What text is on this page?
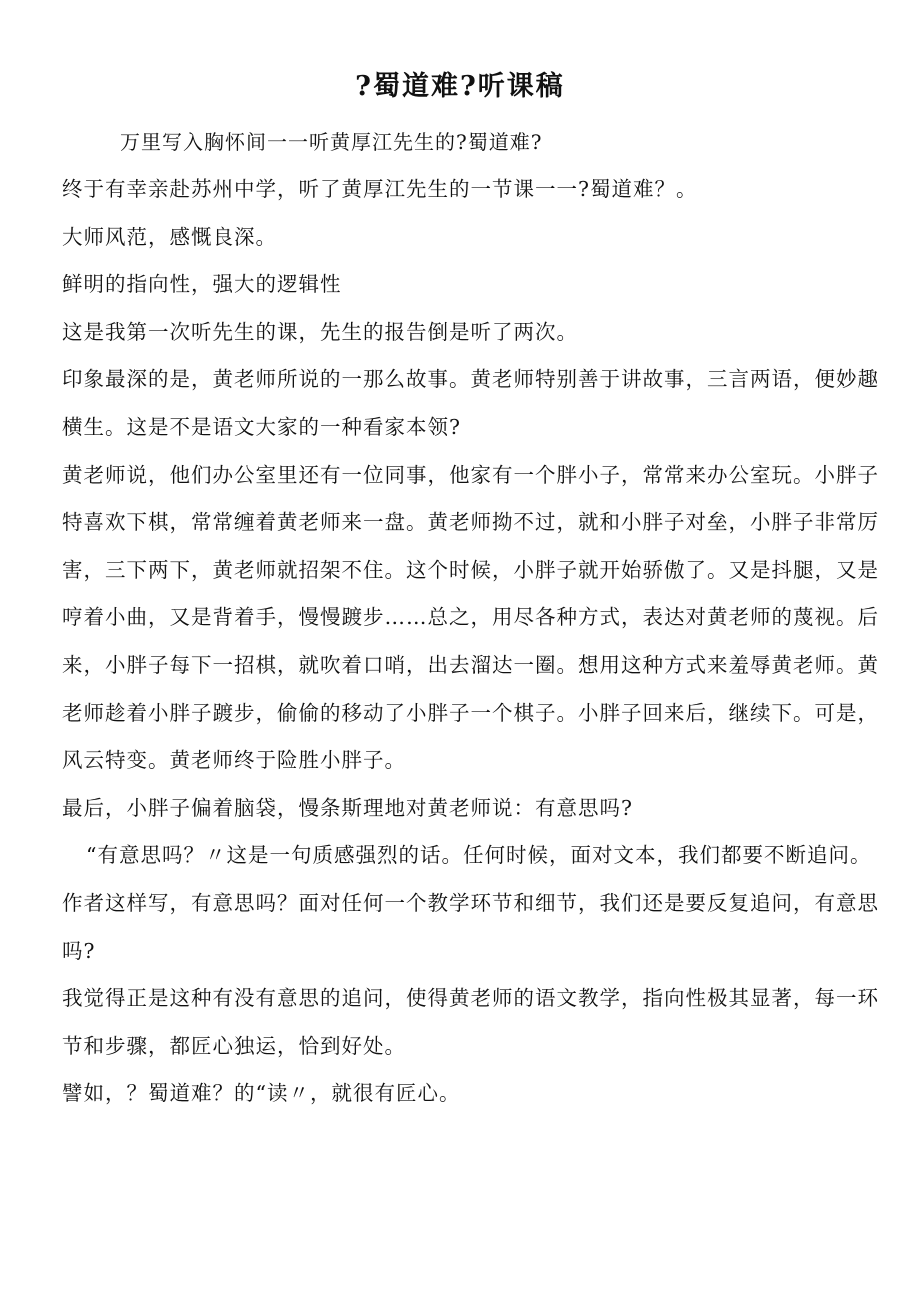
?蜀道难?听课稿

万里写入胸怀间一一听黄厚江先生的?蜀道难?

终于有幸亲赴苏州中学，听了黄厚江先生的一节课一一?蜀道难？。

大师风范，感慨良深。

鲜明的指向性，强大的逻辑性

这是我第一次听先生的课，先生的报告倒是听了两次。

印象最深的是，黄老师所说的一那么故事。黄老师特别善于讲故事，三言两语，便妙趣横生。这是不是语文大家的一种看家本领?

黄老师说，他们办公室里还有一位同事，他家有一个胖小子，常常来办公室玩。小胖子特喜欢下棋，常常缠着黄老师来一盘。黄老师拗不过，就和小胖子对垒，小胖子非常厉害，三下两下，黄老师就招架不住。这个时候，小胖子就开始骄傲了。又是抖腿，又是哼着小曲，又是背着手，慢慢踱步……总之，用尽各种方式，表达对黄老师的蔑视。后来，小胖子每下一招棋，就吹着口哨，出去溜达一圈。想用这种方式来羞辱黄老师。黄老师趁着小胖子踱步，偷偷的移动了小胖子一个棋子。小胖子回来后，继续下。可是，风云特变。黄老师终于险胜小胖子。

最后，小胖子偏着脑袋，慢条斯理地对黄老师说：有意思吗?

“有意思吗？〃这是一句质感强烈的话。任何时候，面对文本，我们都要不断追问。作者这样写，有意思吗？面对任何一个教学环节和细节，我们还是要反复追问，有意思吗?

我觉得正是这种有没有意思的追问，使得黄老师的语文教学，指向性极其显著，每一环节和步骤，都匠心独运，恰到好处。

譬如，？蜀道难？的“读〃，就很有匠心。
